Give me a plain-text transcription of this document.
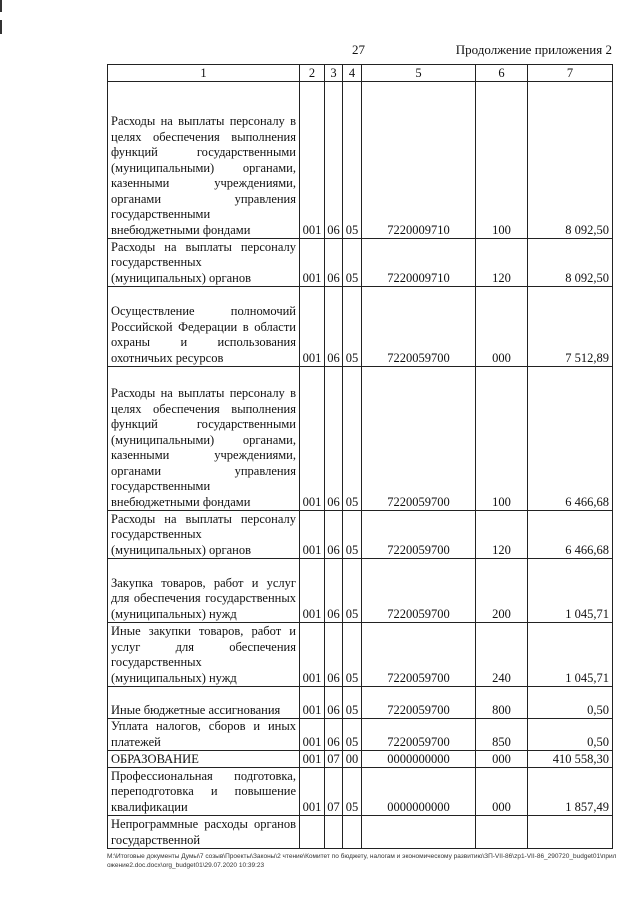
27	Продолжение приложения 2
1	2	3	4	5	6	7
Расходы на выплаты персоналу в целях обеспечения выполнения функций государственными (муниципальными) органами, казенными учреждениями, органами управления государственными внебюджетными фондами	001	06	05	7220009710	100	8 092,50
Расходы на выплаты персоналу государственных (муниципальных) органов	001	06	05	7220009710	120	8 092,50
Осуществление полномочий Российской Федерации в области охраны и использования охотничьих ресурсов	001	06	05	7220059700	000	7 512,89
Расходы на выплаты персоналу в целях обеспечения выполнения функций государственными (муниципальными) органами, казенными учреждениями, органами управления государственными внебюджетными фондами	001	06	05	7220059700	100	6 466,68
Расходы на выплаты персоналу государственных (муниципальных) органов	001	06	05	7220059700	120	6 466,68
Закупка товаров, работ и услуг для обеспечения государственных (муниципальных) нужд	001	06	05	7220059700	200	1 045,71
Иные закупки товаров, работ и услуг для обеспечения государственных (муниципальных) нужд	001	06	05	7220059700	240	1 045,71
Иные бюджетные ассигнования	001	06	05	7220059700	800	0,50
Уплата налогов, сборов и иных платежей	001	06	05	7220059700	850	0,50
ОБРАЗОВАНИЕ	001	07	00	0000000000	000	410 558,30
Профессиональная подготовка, переподготовка и повышение квалификации	001	07	05	0000000000	000	1 857,49
Непрограммные расходы органов государственной						
М:\Итоговые документы Думы\7 созыв\Проекты\Законы\2 чтение\Комитет по бюджету, налогам и экономическому развитию\ЗП-VII-86\zp1-VII-86_290720_budget01\приложение2.doc.docx\org_budget01\29.07.2020 10:39:23
